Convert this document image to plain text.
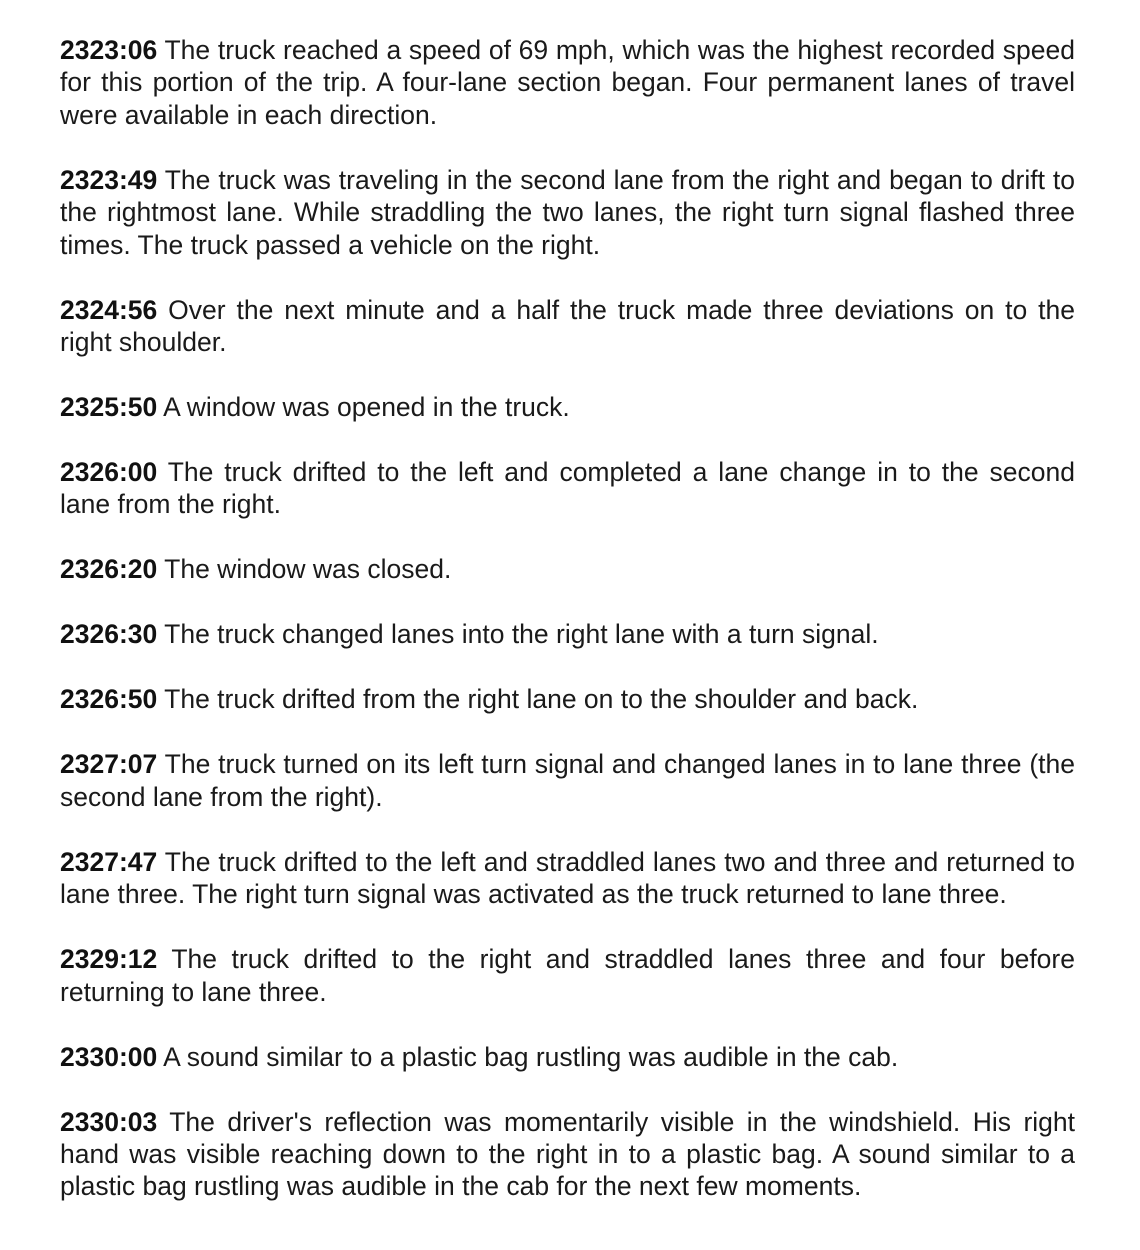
2323:06 The truck reached a speed of 69 mph, which was the highest recorded speed for this portion of the trip. A four-lane section began. Four permanent lanes of travel were available in each direction.

2323:49 The truck was traveling in the second lane from the right and began to drift to the rightmost lane. While straddling the two lanes, the right turn signal flashed three times. The truck passed a vehicle on the right.

2324:56 Over the next minute and a half the truck made three deviations on to the right shoulder.

2325:50 A window was opened in the truck.

2326:00 The truck drifted to the left and completed a lane change in to the second lane from the right.

2326:20 The window was closed.

2326:30 The truck changed lanes into the right lane with a turn signal.

2326:50 The truck drifted from the right lane on to the shoulder and back.

2327:07 The truck turned on its left turn signal and changed lanes in to lane three (the second lane from the right).

2327:47 The truck drifted to the left and straddled lanes two and three and returned to lane three. The right turn signal was activated as the truck returned to lane three.

2329:12 The truck drifted to the right and straddled lanes three and four before returning to lane three.

2330:00 A sound similar to a plastic bag rustling was audible in the cab.

2330:03 The driver's reflection was momentarily visible in the windshield. His right hand was visible reaching down to the right in to a plastic bag. A sound similar to a plastic bag rustling was audible in the cab for the next few moments.
